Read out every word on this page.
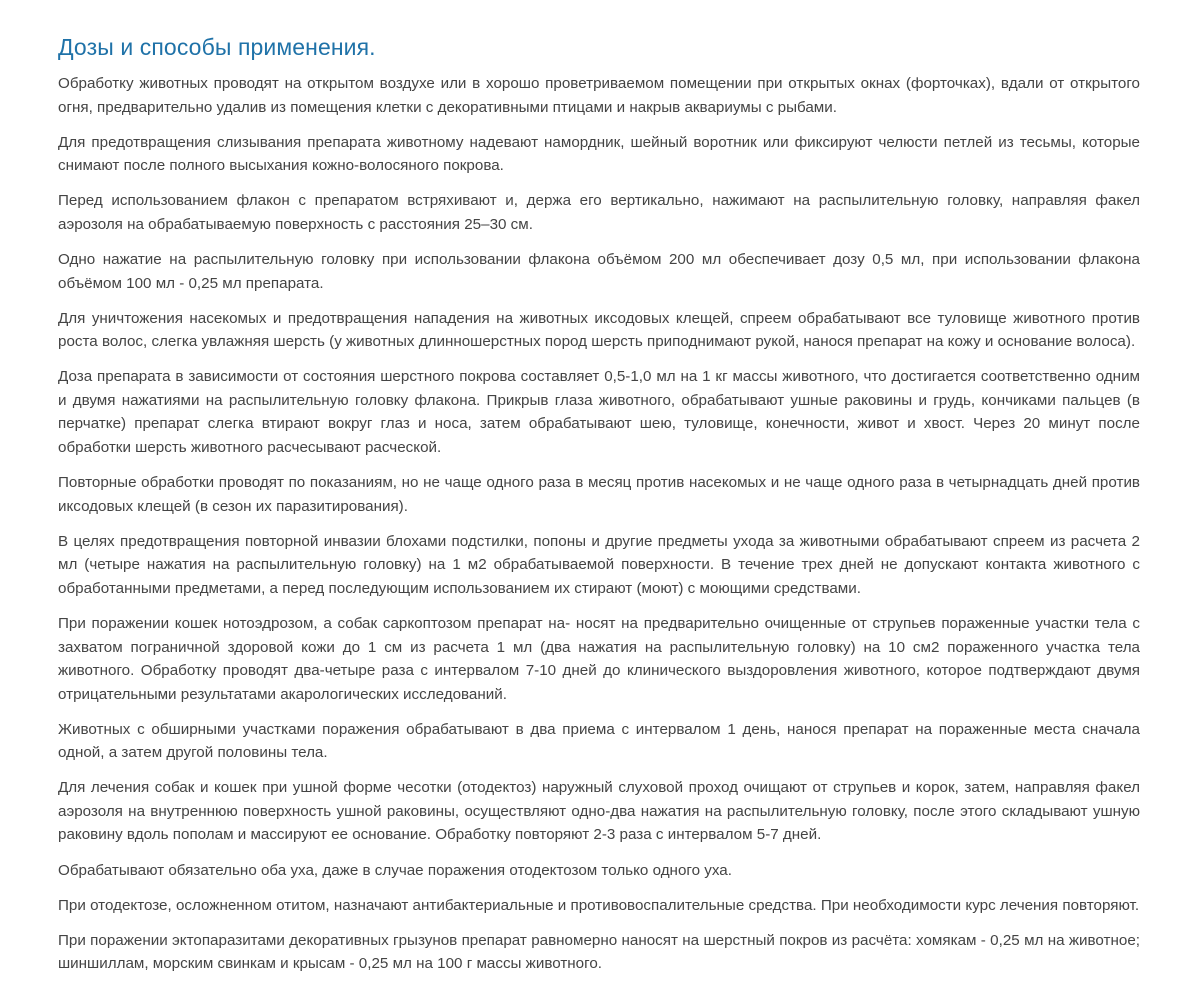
Дозы и способы применения.

Обработку животных проводят на открытом воздухе или в хорошо проветриваемом помещении при открытых окнах (форточках), вдали от открытого огня, предварительно удалив из помещения клетки с декоративными птицами и накрыв аквариумы с рыбами.

Для предотвращения слизывания препарата животному надевают намордник, шейный воротник или фиксируют челюсти петлей из тесьмы, которые снимают после полного высыхания кожно-волосяного покрова.

Перед использованием флакон с препаратом встряхивают и, держа его вертикально, нажимают на распылительную головку, направляя факел аэрозоля на обрабатываемую поверхность с расстояния 25–30 см.

Одно нажатие на распылительную головку при использовании флакона объёмом 200 мл обеспечивает дозу 0,5 мл, при использовании флакона объёмом 100 мл - 0,25 мл препарата.

Для уничтожения насекомых и предотвращения нападения на животных иксодовых клещей, спреем обрабатывают все туловище животного против роста волос, слегка увлажняя шерсть (у животных длинношерстных пород шерсть приподнимают рукой, нанося препарат на кожу и основание волоса).

Доза препарата в зависимости от состояния шерстного покрова составляет 0,5-1,0 мл на 1 кг массы животного, что достигается соответственно одним и двумя нажатиями на распылительную головку флакона. Прикрыв глаза животного, обрабатывают ушные раковины и грудь, кончиками пальцев (в перчатке) препарат слегка втирают вокруг глаз и носа, затем обрабатывают шею, туловище, конечности, живот и хвост. Через 20 минут после обработки шерсть животного расчесывают расческой.

Повторные обработки проводят по показаниям, но не чаще одного раза в месяц против насекомых и не чаще одного раза в четырнадцать дней против иксодовых клещей (в сезон их паразитирования).

В целях предотвращения повторной инвазии блохами подстилки, попоны и другие предметы ухода за животными обрабатывают спреем из расчета 2 мл (четыре нажатия на распылительную головку) на 1 м2 обрабатываемой поверхности. В течение трех дней не допускают контакта животного с обработанными предметами, а перед последующим использованием их стирают (моют) с моющими средствами.

При поражении кошек нотоэдрозом, а собак саркоптозом препарат на- носят на предварительно очищенные от струпьев пораженные участки тела с захватом пограничной здоровой кожи до 1 см из расчета 1 мл (два нажатия на распылительную головку) на 10 см2 пораженного участка тела животного. Обработку проводят два-четыре раза с интервалом 7-10 дней до клинического выздоровления животного, которое подтверждают двумя отрицательными результатами акарологических исследований.

Животных с обширными участками поражения обрабатывают в два приема с интервалом 1 день, нанося препарат на пораженные места сначала одной, а затем другой половины тела.

Для лечения собак и кошек при ушной форме чесотки (отодектоз) наружный слуховой проход очищают от струпьев и корок, затем, направляя факел аэрозоля на внутреннюю поверхность ушной раковины, осуществляют одно-два нажатия на распылительную головку, после этого складывают ушную раковину вдоль пополам и массируют ее основание. Обработку повторяют 2-3 раза с интервалом 5-7 дней.

Обрабатывают обязательно оба уха, даже в случае поражения отодектозом только одного уха.

При отодектозе, осложненном отитом, назначают антибактериальные и противовоспалительные средства. При необходимости курс лечения повторяют.

При поражении эктопаразитами декоративных грызунов препарат равномерно наносят на шерстный покров из расчёта: хомякам - 0,25 мл на животное; шиншиллам, морским свинкам и крысам - 0,25 мл на 100 г массы животного.
